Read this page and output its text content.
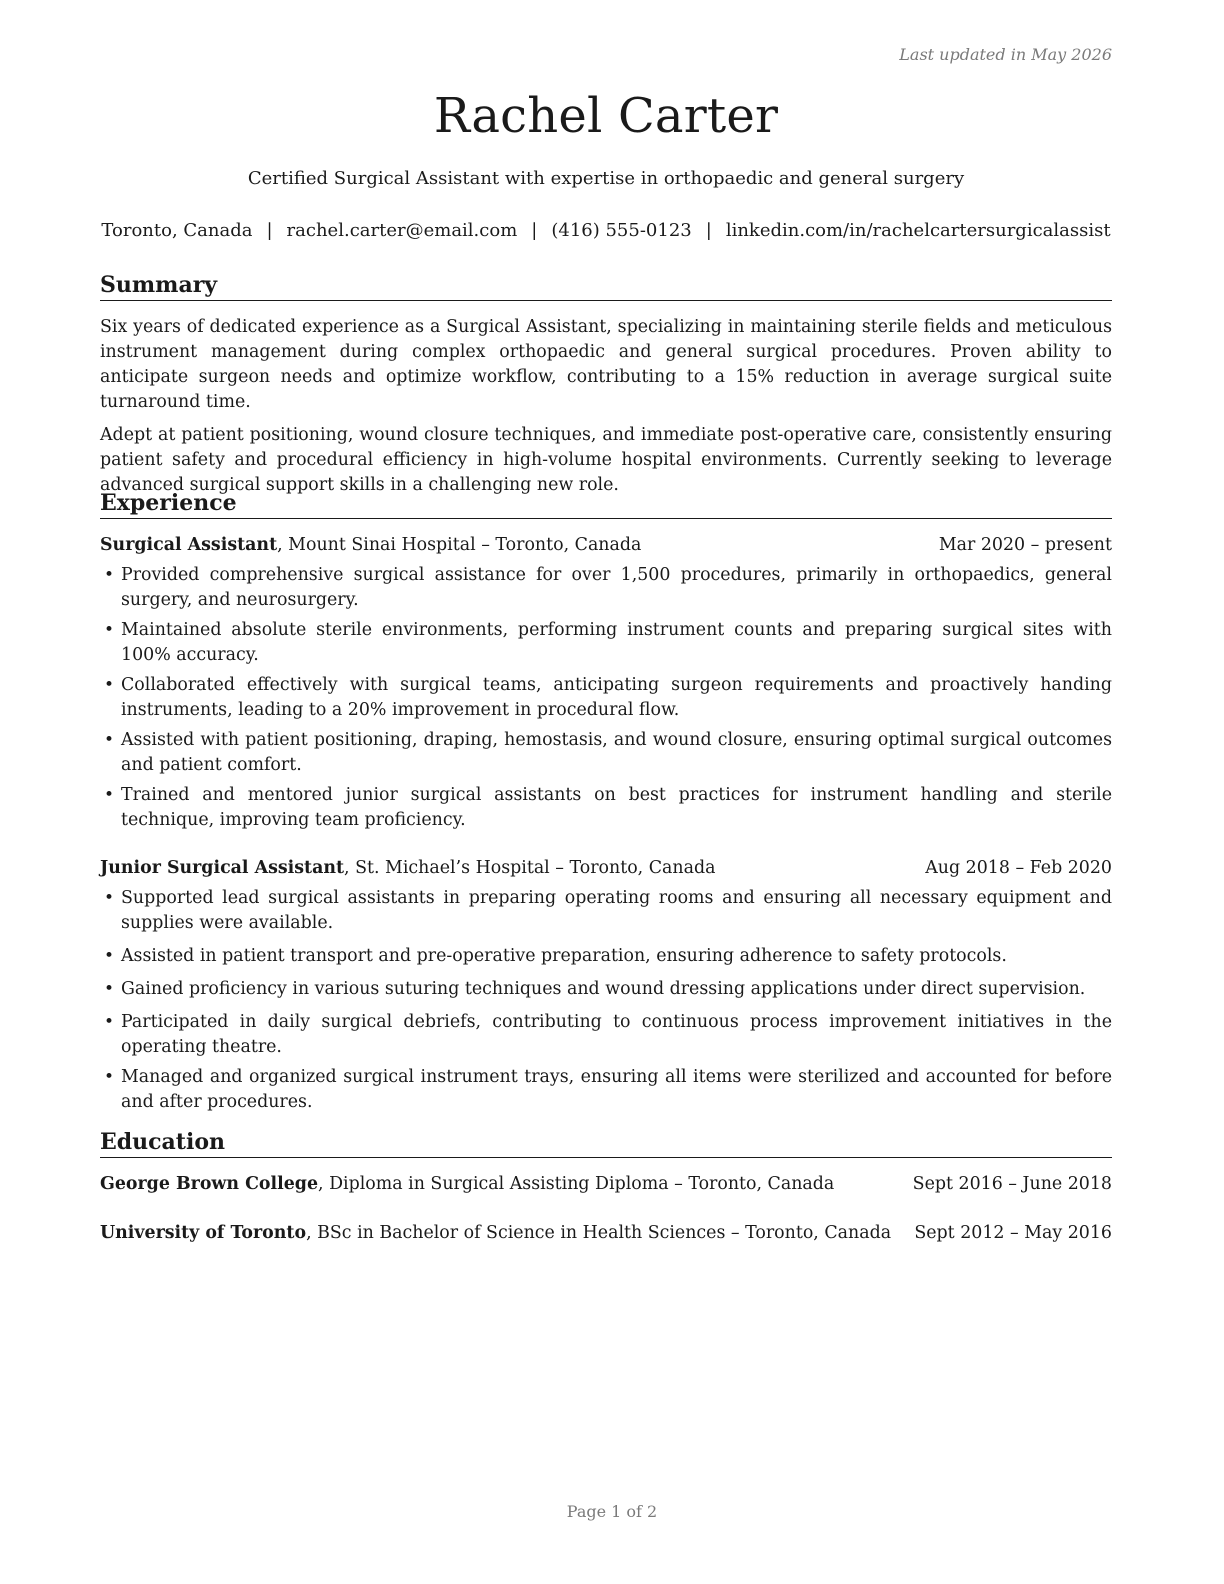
Last updated in May 2026
Rachel Carter
Certified Surgical Assistant with expertise in orthopaedic and general surgery
Toronto, Canada | rachel.carter@email.com | (416) 555-0123 | linkedin.com/in/rachelcartersurgicalassist
Summary

Six years of dedicated experience as a Surgical Assistant, specializing in maintaining sterile fields and meticulous instrument management during complex orthopaedic and general surgical procedures. Proven ability to anticipate surgeon needs and optimize workflow, contributing to a 15% reduction in average surgical suite turnaround time.

Adept at patient positioning, wound closure techniques, and immediate post-operative care, consistently ensuring patient safety and procedural efficiency in high-volume hospital environments. Currently seeking to leverage advanced surgical support skills in a challenging new role.

Experience
Surgical Assistant, Mount Sinai Hospital – Toronto, Canada	Mar 2020 – present
• Provided comprehensive surgical assistance for over 1,500 procedures, primarily in orthopaedics, general surgery, and neurosurgery.
• Maintained absolute sterile environments, performing instrument counts and preparing surgical sites with 100% accuracy.
• Collaborated effectively with surgical teams, anticipating surgeon requirements and proactively handing instruments, leading to a 20% improvement in procedural flow.
• Assisted with patient positioning, draping, hemostasis, and wound closure, ensuring optimal surgical outcomes and patient comfort.
• Trained and mentored junior surgical assistants on best practices for instrument handling and sterile technique, improving team proficiency.
Junior Surgical Assistant, St. Michael’s Hospital – Toronto, Canada	Aug 2018 – Feb 2020
• Supported lead surgical assistants in preparing operating rooms and ensuring all necessary equipment and supplies were available.
• Assisted in patient transport and pre-operative preparation, ensuring adherence to safety protocols.
• Gained proficiency in various suturing techniques and wound dressing applications under direct supervision.
• Participated in daily surgical debriefs, contributing to continuous process improvement initiatives in the operating theatre.
• Managed and organized surgical instrument trays, ensuring all items were sterilized and accounted for before and after procedures.
Education
George Brown College, Diploma in Surgical Assisting Diploma – Toronto, Canada	Sept 2016 – June 2018
University of Toronto, BSc in Bachelor of Science in Health Sciences – Toronto, Canada Sept 2012 – May 2016
Page 1 of 2
